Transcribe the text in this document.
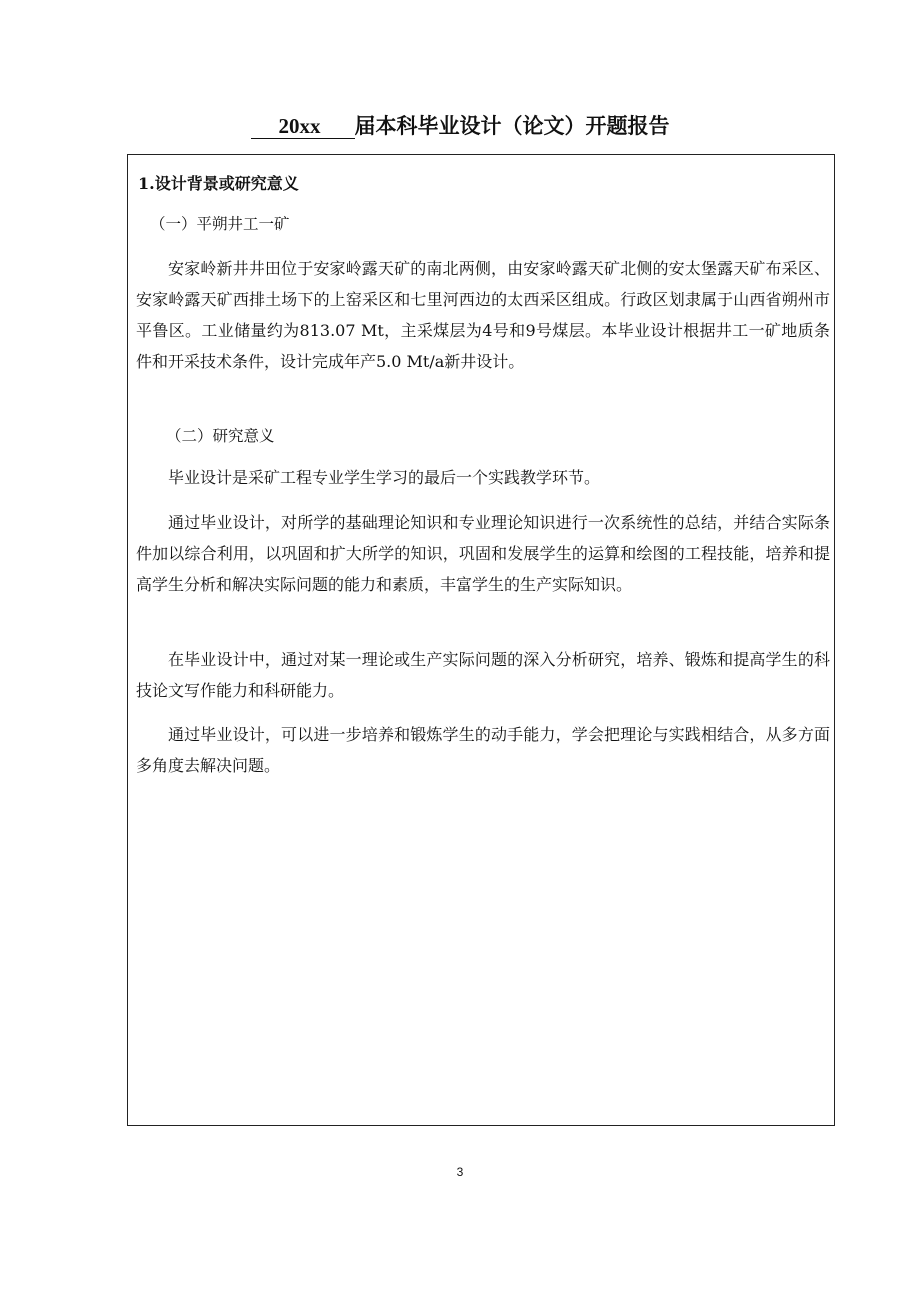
20xx 届本科毕业设计（论文）开题报告
1.设计背景或研究意义
（一）平朔井工一矿
安家岭新井井田位于安家岭露天矿的南北两侧，由安家岭露天矿北侧的安太堡露天矿布采区、安家岭露天矿西排土场下的上窑采区和七里河西边的太西采区组成。行政区划隶属于山西省朔州市平鲁区。工业储量约为813.07 Mt，主采煤层为4号和9号煤层。本毕业设计根据井工一矿地质条件和开采技术条件，设计完成年产5.0 Mt/a新井设计。
（二）研究意义
毕业设计是采矿工程专业学生学习的最后一个实践教学环节。
通过毕业设计，对所学的基础理论知识和专业理论知识进行一次系统性的总结，并结合实际条件加以综合利用，以巩固和扩大所学的知识，巩固和发展学生的运算和绘图的工程技能，培养和提高学生分析和解决实际问题的能力和素质，丰富学生的生产实际知识。
在毕业设计中，通过对某一理论或生产实际问题的深入分析研究，培养、锻炼和提高学生的科技论文写作能力和科研能力。
通过毕业设计，可以进一步培养和锻炼学生的动手能力，学会把理论与实践相结合，从多方面多角度去解决问题。
3
